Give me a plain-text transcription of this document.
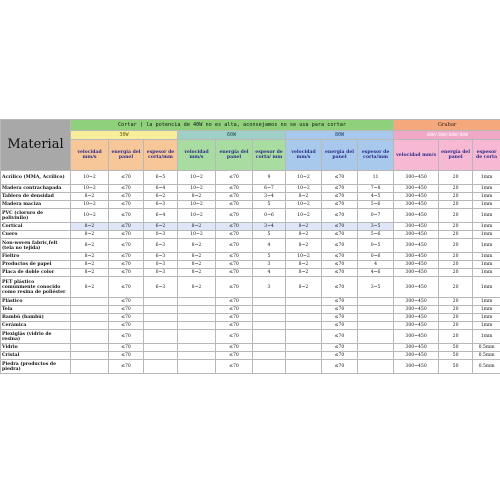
Material	Cortar ( la potencia de 40W no es alta, aconsejamos no se usa para cortar									Grabar		
	30W			60W			80W			40W/30W/60W/80W		
	velocidad mm/s	energía del panel	espesor de corta/mm	velocidad mm/s	energía del panel	espesor de corta/ mm	velocidad mm/s	energía del panel	espesor de corta/mm	velocidad mm/s	energía del panel	espesor de corta
Acrílico (MMA, Acrílico)	10~2	≤70	6~5	10~2	≤70	9	10~2	≤70	11	300~450	20	1mm
Madera contrachapada	10~2	≤70	6~4	10~2	≤70	6~7	10~2	≤70	7~8	300~450	20	1mm
Tablero de densidad	8~2	≤70	6~2	8~2	≤70	3~4	8~2	≤70	4~5	300~450	20	1mm
Madera maciza	10~2	≤70	6~3	10~2	≤70	5	10~2	≤70	5~6	300~450	20	1mm
PVC (cloruro de polivinilo)	10~2	≤70	6~4	10~2	≤70	0~6	10~2	≤70	0~7	300~450	20	1mm
Cortical	8~2	≤70	6~2	8~2	≤70	3~4	8~2	≤70	3~5	300~450	20	1mm
Cuero	8~2	≤70	0~3	10~2	≤70	5	8~2	≤70	5~6	300~450	20	1mm
Non-woven fabric,felt (tela no tejida)	8~2	≤70	6~3	8~2	≤70	4	8~2	≤70	0~5	300~450	20	1mm
Fieltro	8~2	≤70	6~3	8~2	≤70	5	10~2	≤70	0~6	300~450	20	1mm
Productos de papel	8~2	≤70	0~3	8~2	≤70	3	8~2	≤70	4	300~450	20	1mm
Placa de doble color	8~2	≤70	0~3	8~2	≤70	4	8~2	≤70	4~6	300~450	20	1mm
PET plástico comúnmente conocido como resina de poliéster	8~2	≤70	6~3	8~2	≤70	3	8~2	≤70	3~5	300~450	20	1mm
Plástico		≤70			≤70			≤70		300~450	20	1mm
Tela		≤70			≤70			≤70		300~450	20	1mm
Bambú (bambú)		≤70			≤70			≤70		300~450	20	1mm
Cerámica		≤70			≤70			≤70		300~450	20	1mm
Plexiglás (vidrio de resina)		≤70			≤70			≤70		300~450	20	1mm
Vidrio		≤70			≤70			≤70		300~450	50	0.5mm
Cristal		≤70			≤70			≤70		300~450	50	0.5mm
Piedra (productos de piedra)		≤70			≤70			≤70		300~450	50	0.5mm
